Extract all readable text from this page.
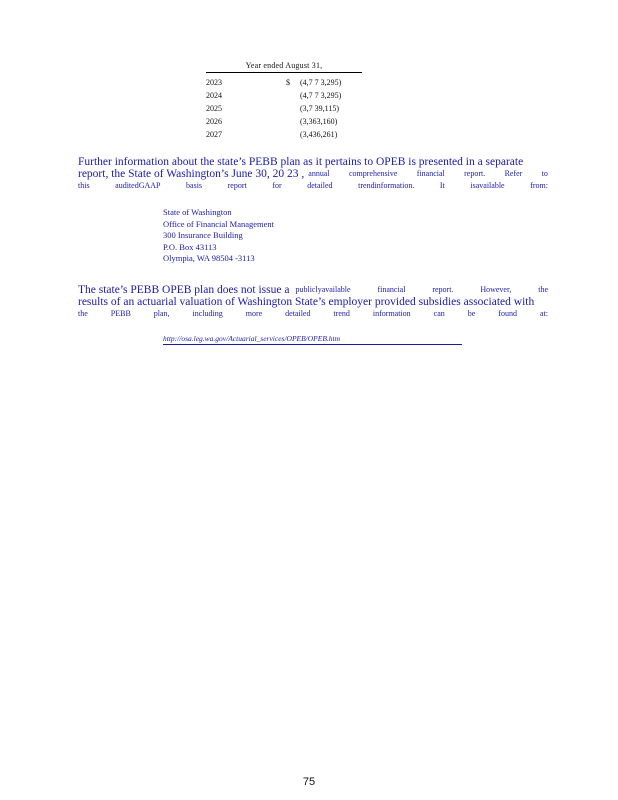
Year ended August 31,
2023	$	(4,7 7 3,295)
2024	(4,7 7 3,295)
2025	(3,7 39,115)
2026	(3,363,160)
2027	(3,436,261)
Further information about the state’s PEBB plan as it pertains to OPEB is presented in a separate
report, the State of Washington’s June 30, 20 23 , annual comprehensive financial report. Refer to
this	auditedGAAP	basis	report	for	detailed	trendinformation.	It	isavailable	from:
State of Washington
Office of Financial Management
300 Insurance Building
P.O. Box 43113
Olympia, WA 98504 -3113
The state’s PEBB OPEB plan does not issue a publiclyavailable	financial	report.	However,	the
results of an actuarial valuation of Washington State’s employer provided subsidies associated with
the	PEBB	plan,	including	more	detailed	trend	information	can	be	found	at:
http://osa.leg.wa.gov/Actuarial_services/OPEB/OPEB.htm
75
